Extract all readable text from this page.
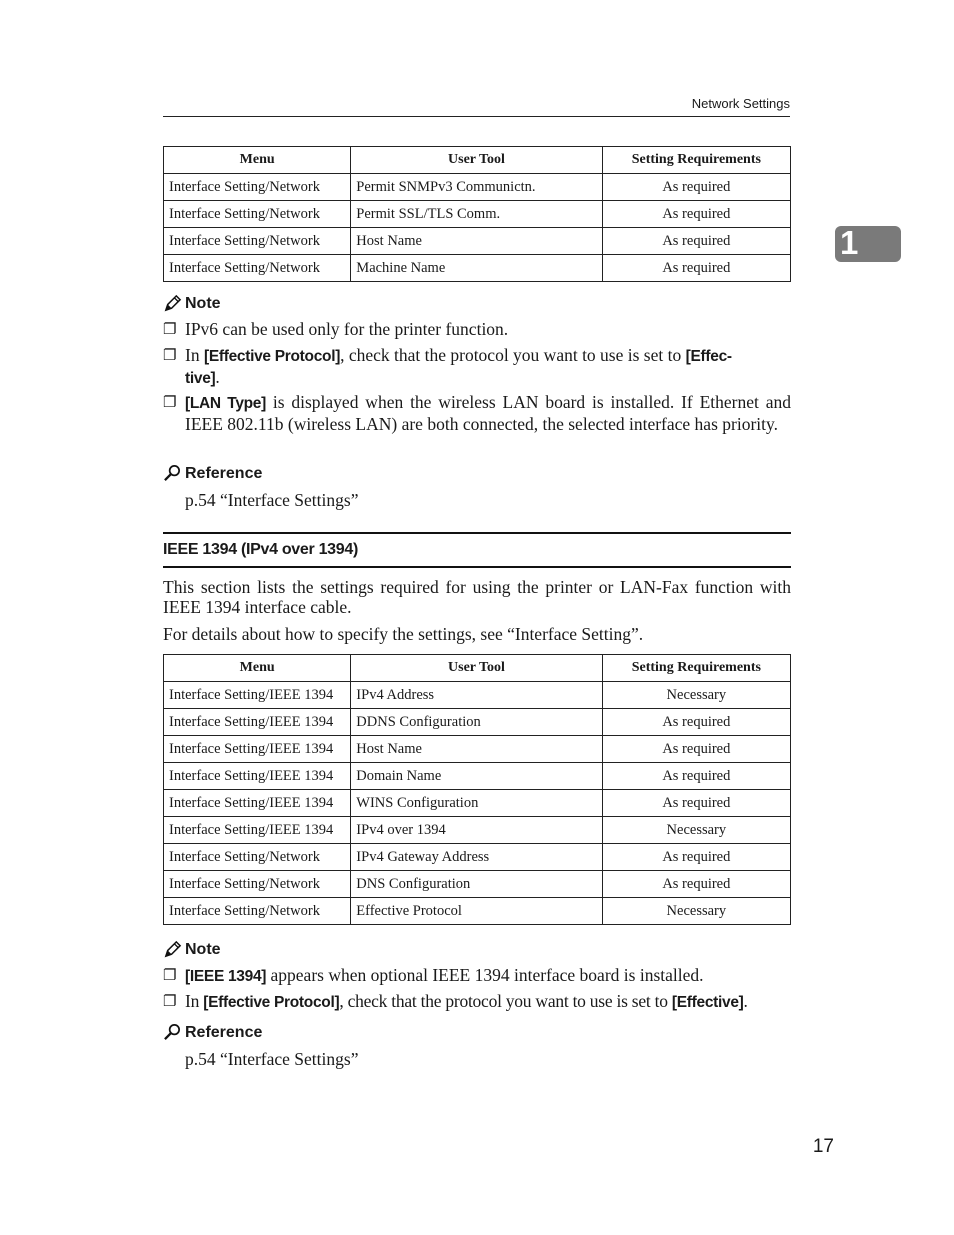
Network Settings
1
Menu	User Tool	Setting Requirements
Interface Setting/Network	Permit SNMPv3 Communictn.	As required
Interface Setting/Network	Permit SSL/TLS Comm.	As required
Interface Setting/Network	Host Name	As required
Interface Setting/Network	Machine Name	As required
Note
❐ IPv6 can be used only for the printer function.
❐ In [Effective Protocol], check that the protocol you want to use is set to [Effec-
tive].
❐ [LAN Type] is displayed when the wireless LAN board is installed. If Ethernet and IEEE 802.11b (wireless LAN) are both connected, the selected interface has priority.
Reference
p.54 “Interface Settings”
IEEE 1394 (IPv4 over 1394)
This section lists the settings required for using the printer or LAN-Fax function with IEEE 1394 interface cable.
For details about how to specify the settings, see “Interface Setting”.
Menu	User Tool	Setting Requirements
Interface Setting/IEEE 1394	IPv4 Address	Necessary
Interface Setting/IEEE 1394	DDNS Configuration	As required
Interface Setting/IEEE 1394	Host Name	As required
Interface Setting/IEEE 1394	Domain Name	As required
Interface Setting/IEEE 1394	WINS Configuration	As required
Interface Setting/IEEE 1394	IPv4 over 1394	Necessary
Interface Setting/Network	IPv4 Gateway Address	As required
Interface Setting/Network	DNS Configuration	As required
Interface Setting/Network	Effective Protocol	Necessary
Note
❐ [IEEE 1394] appears when optional IEEE 1394 interface board is installed.
❐ In [Effective Protocol], check that the protocol you want to use is set to [Effective].
Reference
p.54 “Interface Settings”
17
